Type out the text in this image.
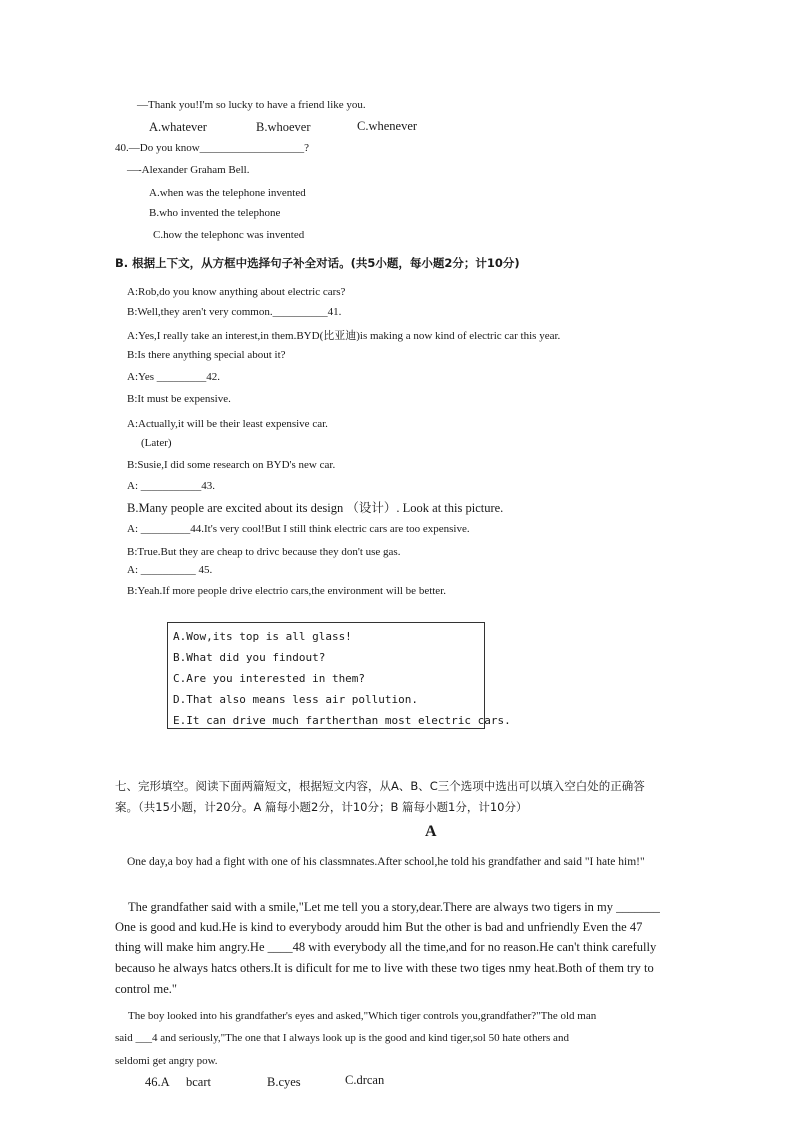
—Thank you!I'm so lucky to have a friend like you.
A.whatever	B.whoever	C.whenever
40.—Do you know___________________?
—-Alexander Graham Bell.
A.when was the telephone invented
B.who invented the telephone
C.how the telephonc was invented
B. 根据上下文，从方框中选择句子补全对话。(共5小题，每小题2分；计10分)
A:Rob,do you know anything about electric cars?
B:Well,they aren't very common.__________41.
A:Yes,I really take an interest,in them.BYD(比亚迪)is making a now kind of electric car this year.
B:Is there anything special about it?
A:Yes _________42.
B:It must be expensive.
A:Actually,it will be their least expensive car.
(Later)
B:Susie,I did some research on BYD's new car.
A: ___________43.
B.Many people are excited about its design （设计）. Look at this picture.
A: _________44.It's very cool!But I still think electric cars are too expensive.
B:True.But they are cheap to drivc because they don't use gas.
A: __________ 45.
B:Yeah.If more people drive electrio cars,the environment will be better.
A.Wow,its top is all glass!
B.What did you findout?
C.Are you interested in them?
D.That also means less air pollution.
E.It can drive much fartherthan most electric cars.
七、完形填空。阅读下面两篇短文，根据短文内容，从A、B、C三个选项中选出可以填入空白处的正确答
案。（共15小题，计20分。A 篇每小题2分，计10分；B 篇每小题1分，计10分）
A
One day,a boy had a fight with one of his classmnates.After school,he told his grandfather and said "I hate him!"
The grandfather said with a smile,"Let me tell you a story,dear.There are always two tigers in my _______
One is good and kud.He is kind to everybody aroudd him But the other is bad and unfriendly Even the 47
thing will make him angry.He ____48 with everybody all the time,and for no reason.He can't think carefully
becauso he always hatcs others.It is dificult for me to live with these two tiges nmy heat.Both of them try to
control me."
The boy looked into his grandfather's eyes and asked,"Which tiger controls you,grandfather?"The old man
said ___4 and seriously,"The one that I always look up is the good and kind tiger,sol 50 hate others and
seldomi get angry pow.
46.A bcart	B.cyes	C.drcan
